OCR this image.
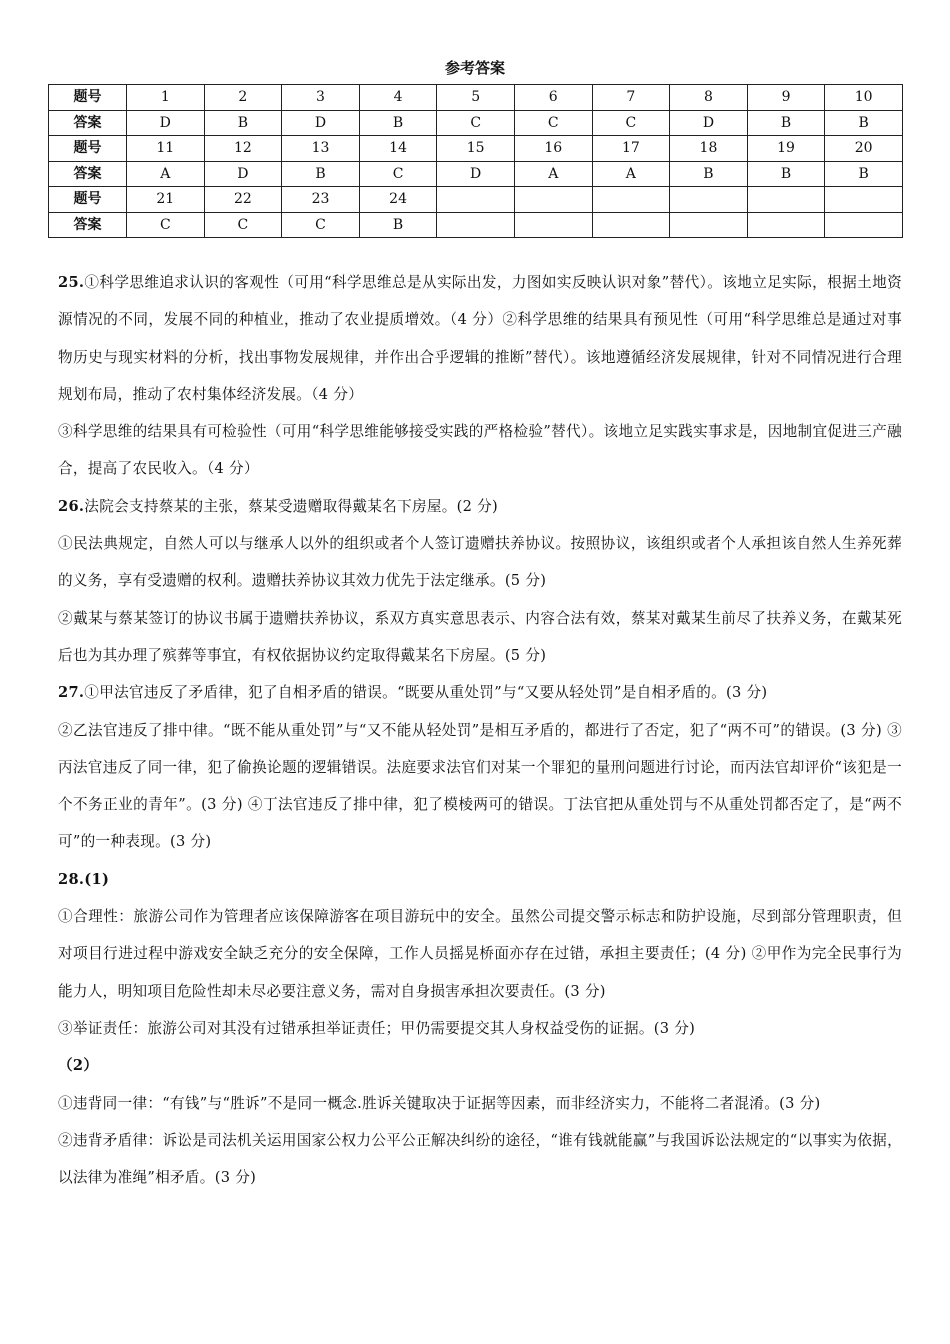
参考答案
题号	1	2	3	4	5	6	7	8	9	10
答案	D	B	D	B	C	C	C	D	B	B
题号	11	12	13	14	15	16	17	18	19	20
答案	A	D	B	C	D	A	A	B	B	B
题号	21	22	23	24						
答案	C	C	C	B						

25.①科学思维追求认识的客观性（可用“科学思维总是从实际出发，力图如实反映认识对象”替代）。该地立足实际，根据土地资源情况的不同，发展不同的种植业，推动了农业提质增效。（4 分）②科学思维的结果具有预见性（可用“科学思维总是通过对事物历史与现实材料的分析，找出事物发展规律，并作出合乎逻辑的推断”替代）。该地遵循经济发展规律，针对不同情况进行合理规划布局，推动了农村集体经济发展。（4 分）

③科学思维的结果具有可检验性（可用“科学思维能够接受实践的严格检验”替代）。该地立足实践实事求是，因地制宜促进三产融合，提高了农民收入。（4 分）

26.法院会支持蔡某的主张，蔡某受遗赠取得戴某名下房屋。(2 分)

①民法典规定，自然人可以与继承人以外的组织或者个人签订遗赠扶养协议。按照协议，该组织或者个人承担该自然人生养死葬的义务，享有受遗赠的权利。遗赠扶养协议其效力优先于法定继承。(5 分)

②戴某与蔡某签订的协议书属于遗赠扶养协议，系双方真实意思表示、内容合法有效，蔡某对戴某生前尽了扶养义务，在戴某死后也为其办理了殡葬等事宜，有权依据协议约定取得戴某名下房屋。(5 分)

27.①甲法官违反了矛盾律，犯了自相矛盾的错误。“既要从重处罚”与“又要从轻处罚”是自相矛盾的。(3 分)

②乙法官违反了排中律。“既不能从重处罚”与“又不能从轻处罚”是相互矛盾的，都进行了否定，犯了“两不可”的错误。(3 分) ③丙法官违反了同一律，犯了偷换论题的逻辑错误。法庭要求法官们对某一个罪犯的量刑问题进行讨论，而丙法官却评价“该犯是一个不务正业的青年”。(3 分) ④丁法官违反了排中律，犯了模棱两可的错误。丁法官把从重处罚与不从重处罚都否定了，是“两不可”的一种表现。(3 分)

28.(1)

①合理性：旅游公司作为管理者应该保障游客在项目游玩中的安全。虽然公司提交警示标志和防护设施，尽到部分管理职责，但对项目行进过程中游戏安全缺乏充分的安全保障，工作人员摇晃桥面亦存在过错，承担主要责任；(4 分) ②甲作为完全民事行为能力人，明知项目危险性却未尽必要注意义务，需对自身损害承担次要责任。(3 分)

③举证责任：旅游公司对其没有过错承担举证责任；甲仍需要提交其人身权益受伤的证据。(3 分)

（2）

①违背同一律：“有钱”与“胜诉”不是同一概念.胜诉关键取决于证据等因素，而非经济实力，不能将二者混淆。(3 分)

②违背矛盾律：诉讼是司法机关运用国家公权力公平公正解决纠纷的途径，“谁有钱就能赢”与我国诉讼法规定的“以事实为依据，以法律为准绳”相矛盾。(3 分)
